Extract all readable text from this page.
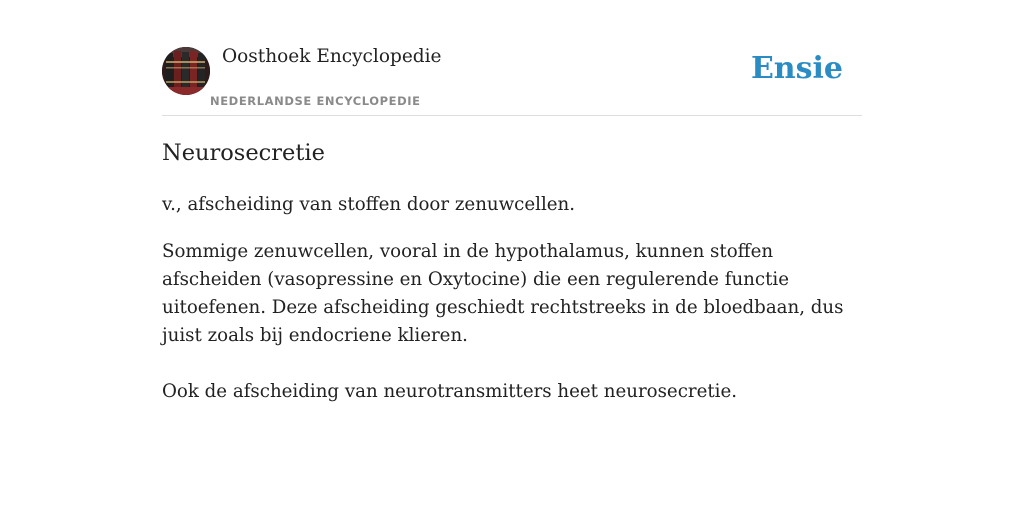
Oosthoek Encyclopedie
NEDERLANDSE ENCYCLOPEDIE
Ensie
Neurosecretie

v., afscheiding van stoffen door zenuwcellen.

Sommige zenuwcellen, vooral in de hypothalamus, kunnen stoffen afscheiden (vasopressine en Oxytocine) die een regulerende functie uitoefenen. Deze afscheiding geschiedt rechtstreeks in de bloedbaan, dus juist zoals bij endocriene klieren.

Ook de afscheiding van neurotransmitters heet neurosecretie.
